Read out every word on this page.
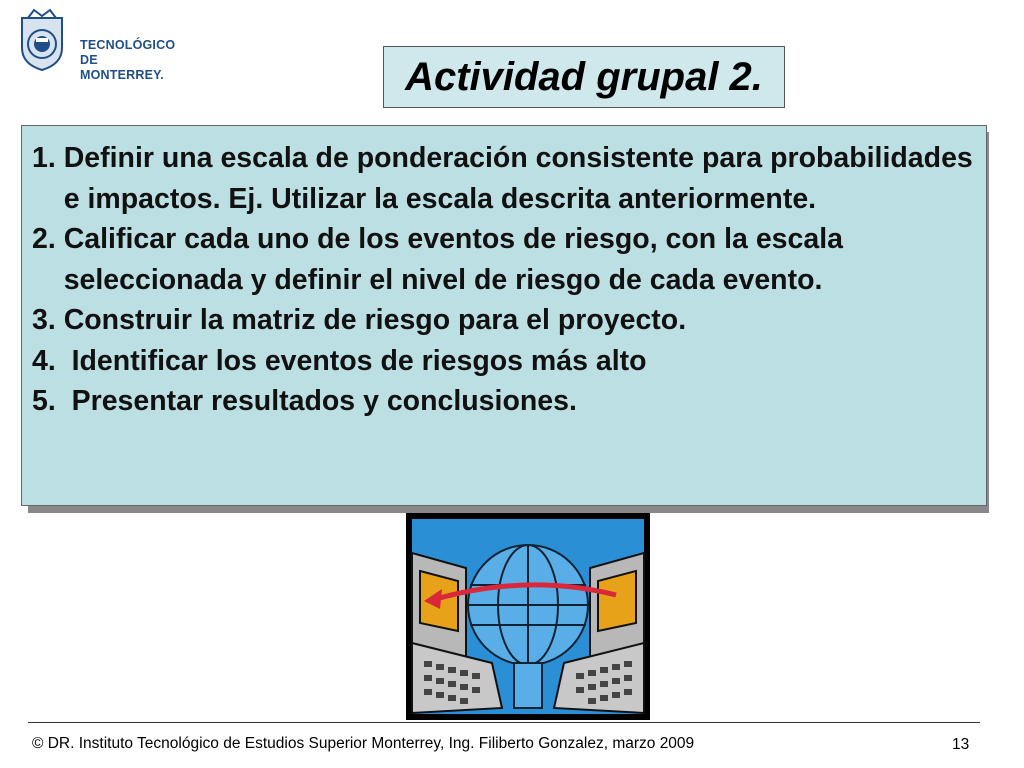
TECNOLÓGICO
DE MONTERREY.	Actividad grupal 2.
1. Definir una escala de ponderación consistente para probabilidades e impactos. Ej. Utilizar la escala descrita anteriormente.
2. Calificar cada uno de los eventos de riesgo, con la escala seleccionada y definir el nivel de riesgo de cada evento.
3. Construir la matriz de riesgo para el proyecto.
4. Identificar los eventos de riesgos más alto
5. Presentar resultados y conclusiones.
© DR. Instituto Tecnológico de Estudios Superior Monterrey, Ing. Filiberto Gonzalez, marzo 2009	13
